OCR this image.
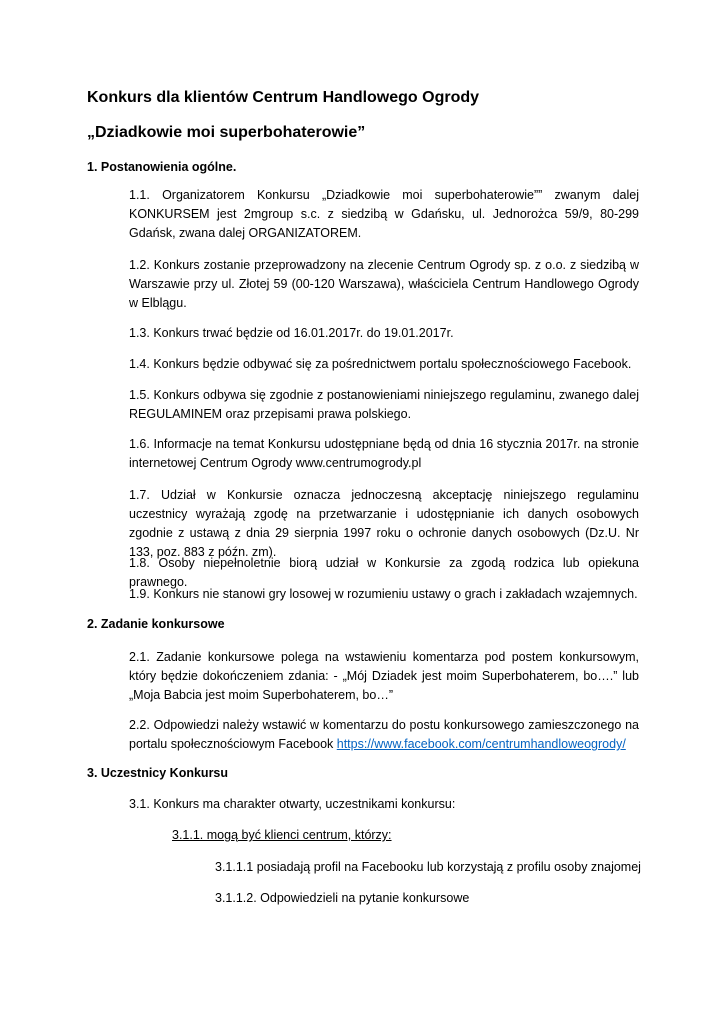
Konkurs dla klientów Centrum Handlowego Ogrody
„Dziadkowie moi superbohaterowie”
1. Postanowienia ogólne.

1.1. Organizatorem Konkursu „Dziadkowie moi superbohaterowie”” zwanym dalej KONKURSEM jest 2mgroup s.c. z siedzibą w Gdańsku, ul. Jednorożca 59/9, 80-299 Gdańsk, zwana dalej ORGANIZATOREM.

1.2. Konkurs zostanie przeprowadzony na zlecenie Centrum Ogrody sp. z o.o. z siedzibą w Warszawie przy ul. Złotej 59 (00-120 Warszawa), właściciela Centrum Handlowego Ogrody w Elblągu.

1.3. Konkurs trwać będzie od 16.01.2017r. do 19.01.2017r.

1.4. Konkurs będzie odbywać się za pośrednictwem portalu społecznościowego Facebook.

1.5. Konkurs odbywa się zgodnie z postanowieniami niniejszego regulaminu, zwanego dalej REGULAMINEM oraz przepisami prawa polskiego.

1.6. Informacje na temat Konkursu udostępniane będą od dnia 16 stycznia 2017r. na stronie internetowej Centrum Ogrody www.centrumogrody.pl

1.7. Udział w Konkursie oznacza jednoczesną akceptację niniejszego regulaminu uczestnicy wyrażają zgodę na przetwarzanie i udostępnianie ich danych osobowych zgodnie z ustawą z dnia 29 sierpnia 1997 roku o ochronie danych osobowych (Dz.U. Nr 133, poz. 883 z późn. zm).

1.8. Osoby niepełnoletnie biorą udział w Konkursie za zgodą rodzica lub opiekuna prawnego.

1.9. Konkurs nie stanowi gry losowej w rozumieniu ustawy o grach i zakładach wzajemnych.

2. Zadanie konkursowe

2.1. Zadanie konkursowe polega na wstawieniu komentarza pod postem konkursowym, który będzie dokończeniem zdania: - „Mój Dziadek jest moim Superbohaterem, bo….” lub „Moja Babcia jest moim Superbohaterem, bo…”

2.2. Odpowiedzi należy wstawić w komentarzu do postu konkursowego zamieszczonego na portalu społecznościowym Facebook https://www.facebook.com/centrumhandloweogrody/

3. Uczestnicy Konkursu

3.1. Konkurs ma charakter otwarty, uczestnikami konkursu:

3.1.1. mogą być klienci centrum, którzy:

3.1.1.1 posiadają profil na Facebooku lub korzystają z profilu osoby znajomej

3.1.1.2. Odpowiedzieli na pytanie konkursowe
